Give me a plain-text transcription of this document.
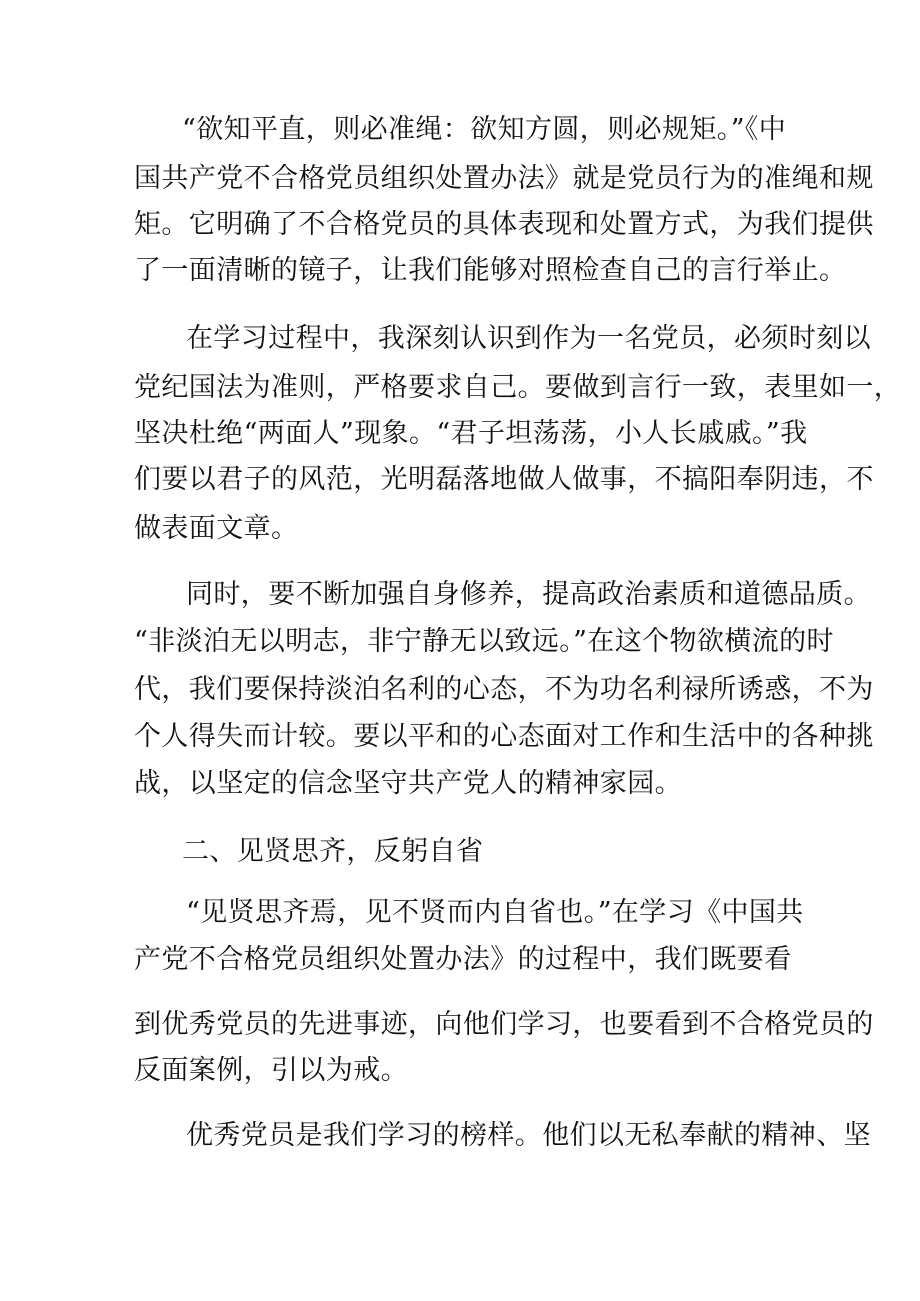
“欲知平直，则必准绳：欲知方圆，则必规矩。”《中

国共产党不合格党员组织处置办法》就是党员行为的准绳和规

矩。它明确了不合格党员的具体表现和处置方式，为我们提供

了一面清晰的镜子，让我们能够对照检查自己的言行举止。

在学习过程中，我深刻认识到作为一名党员，必须时刻以

党纪国法为准则，严格要求自己。要做到言行一致，表里如一，

坚决杜绝“两面人”现象。“君子坦荡荡，小人长戚戚。”我

们要以君子的风范，光明磊落地做人做事，不搞阳奉阴违，不

做表面文章。

同时，要不断加强自身修养，提高政治素质和道德品质。

“非淡泊无以明志，非宁静无以致远。”在这个物欲横流的时

代，我们要保持淡泊名利的心态，不为功名利禄所诱惑，不为

个人得失而计较。要以平和的心态面对工作和生活中的各种挑

战，以坚定的信念坚守共产党人的精神家园。

二、见贤思齐，反躬自省

“见贤思齐焉，见不贤而内自省也。”在学习《中国共

产党不合格党员组织处置办法》的过程中，我们既要看

到优秀党员的先进事迹，向他们学习，也要看到不合格党员的

反面案例，引以为戒。

优秀党员是我们学习的榜样。他们以无私奉献的精神、坚
